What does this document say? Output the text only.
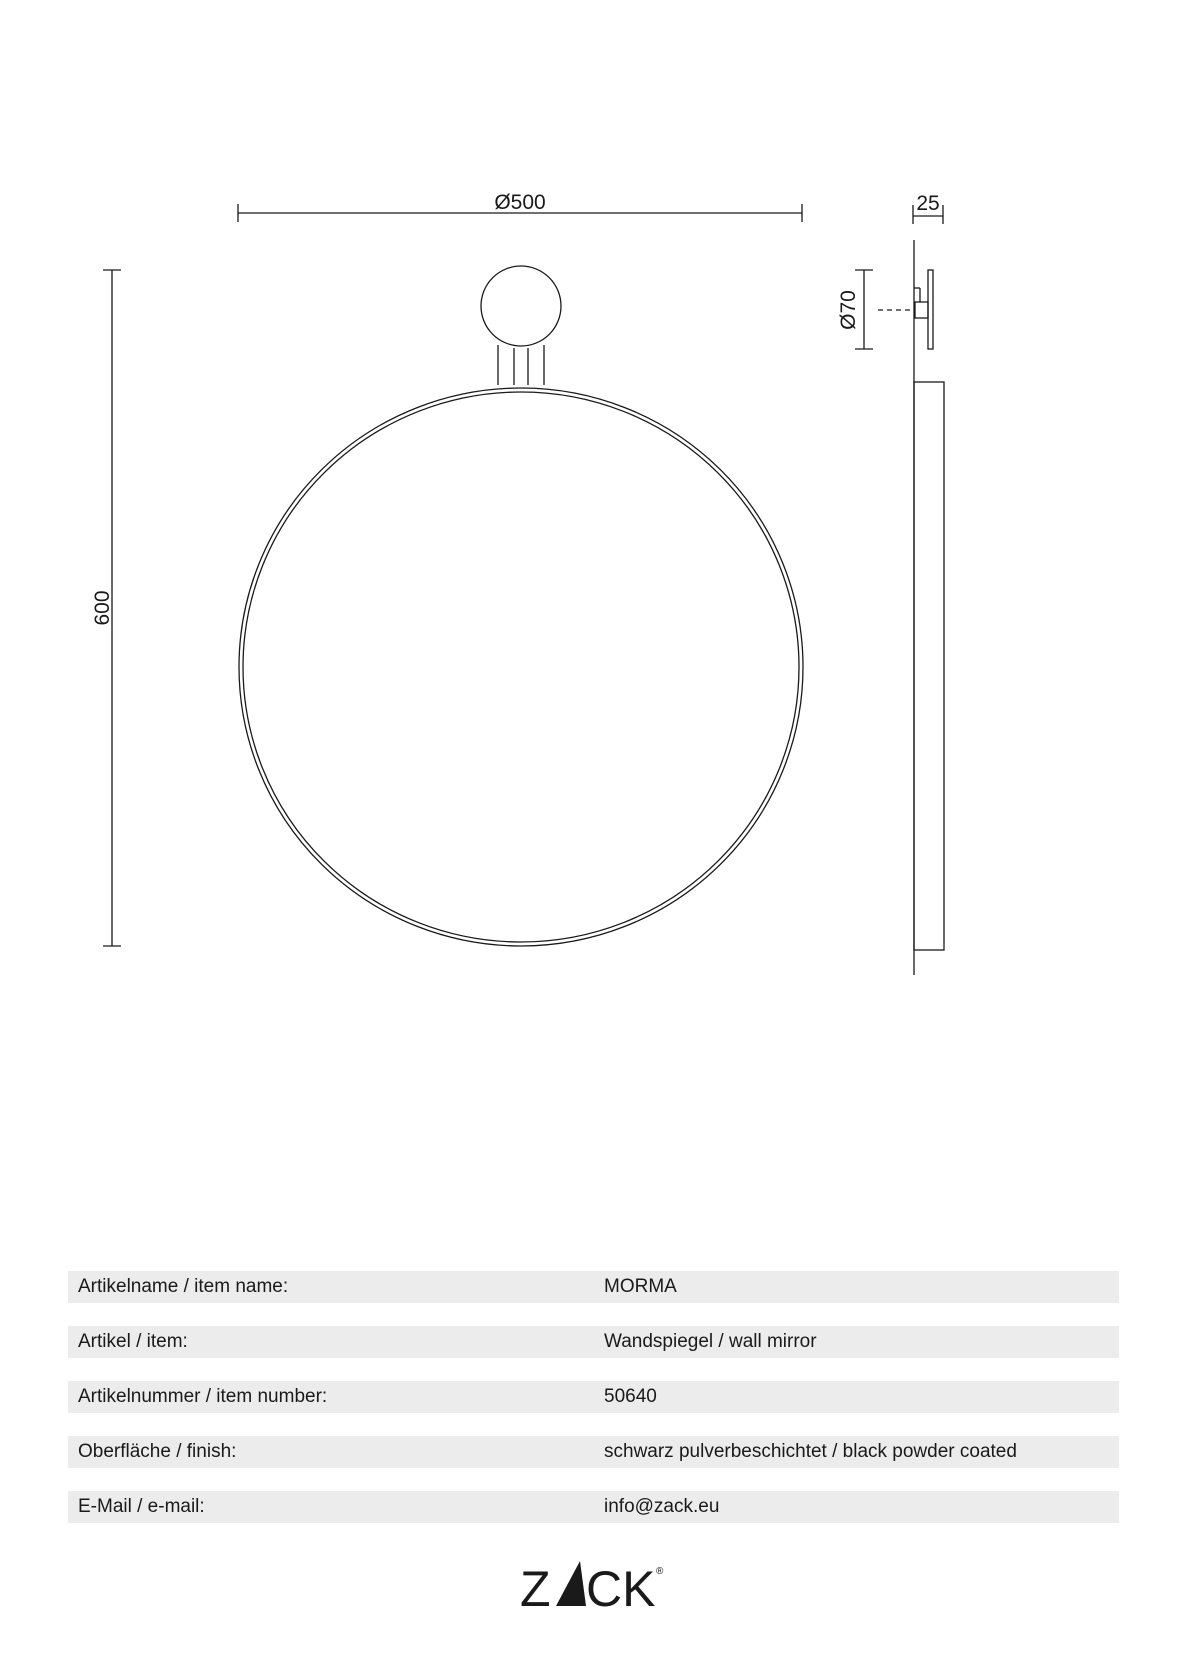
Ø500
600
25
Ø70
Artikelname / item name:	MORMA
Artikel / item:	Wandspiegel / wall mirror
Artikelnummer / item number:	50640
Oberfläche / finish:	schwarz pulverbeschichtet / black powder coated
E-Mail / e-mail:	info@zack.eu
Z CK ®
